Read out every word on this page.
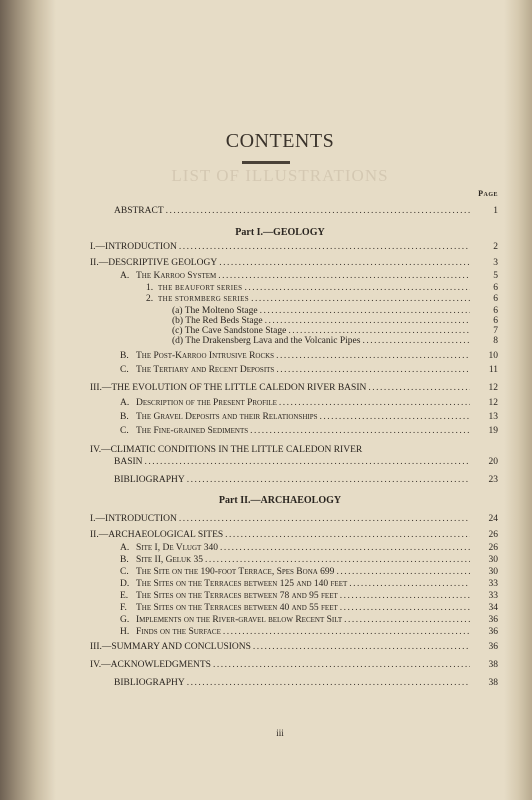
LIST OF ILLUSTRATIONS
CONTENTS
Page
ABSTRACT .....	1
Part I.—GEOLOGY
I.—INTRODUCTION .....	2
II.—DESCRIPTIVE GEOLOGY .....	3
A. The Karroo System .....	5
1. THE BEAUFORT SERIES .....	6
2. THE STORMBERG SERIES .....	6
(a) The Molteno Stage .....	6
(b) The Red Beds Stage .....	6
(c) The Cave Sandstone Stage .....	7
(d) The Drakensberg Lava and the Volcanic Pipes .....	8
B. The Post-Karroo Intrusive Rocks .....	10
C. The Tertiary and Recent Deposits .....	11
III.—THE EVOLUTION OF THE LITTLE CALEDON RIVER BASIN .....	12
A. Description of the Present Profile .....	12
B. The Gravel Deposits and their Relationships .....	13
C. The Fine-grained Sediments .....	19
IV.—CLIMATIC CONDITIONS IN THE LITTLE CALEDON RIVER
BASIN .....	20
BIBLIOGRAPHY .....	23
Part II.—ARCHAEOLOGY
I.—INTRODUCTION .....	24
II.—ARCHAEOLOGICAL SITES .....	26
A. Site I, De Vlugt 340 .....	26
B. Site II, Geluk 35 .....	30
C. The Site on the 190-foot Terrace, Spes Bona 699 .....	30
D. The Sites on the Terraces between 125 and 140 feet .....	33
E. The Sites on the Terraces between 78 and 95 feet .....	33
F. The Sites on the Terraces between 40 and 55 feet .....	34
G. Implements on the River-gravel below Recent Silt .....	36
H. Finds on the Surface .....	36
III.—SUMMARY AND CONCLUSIONS .....	36
IV.—ACKNOWLEDGMENTS .....	38
BIBLIOGRAPHY .....	38
iii
